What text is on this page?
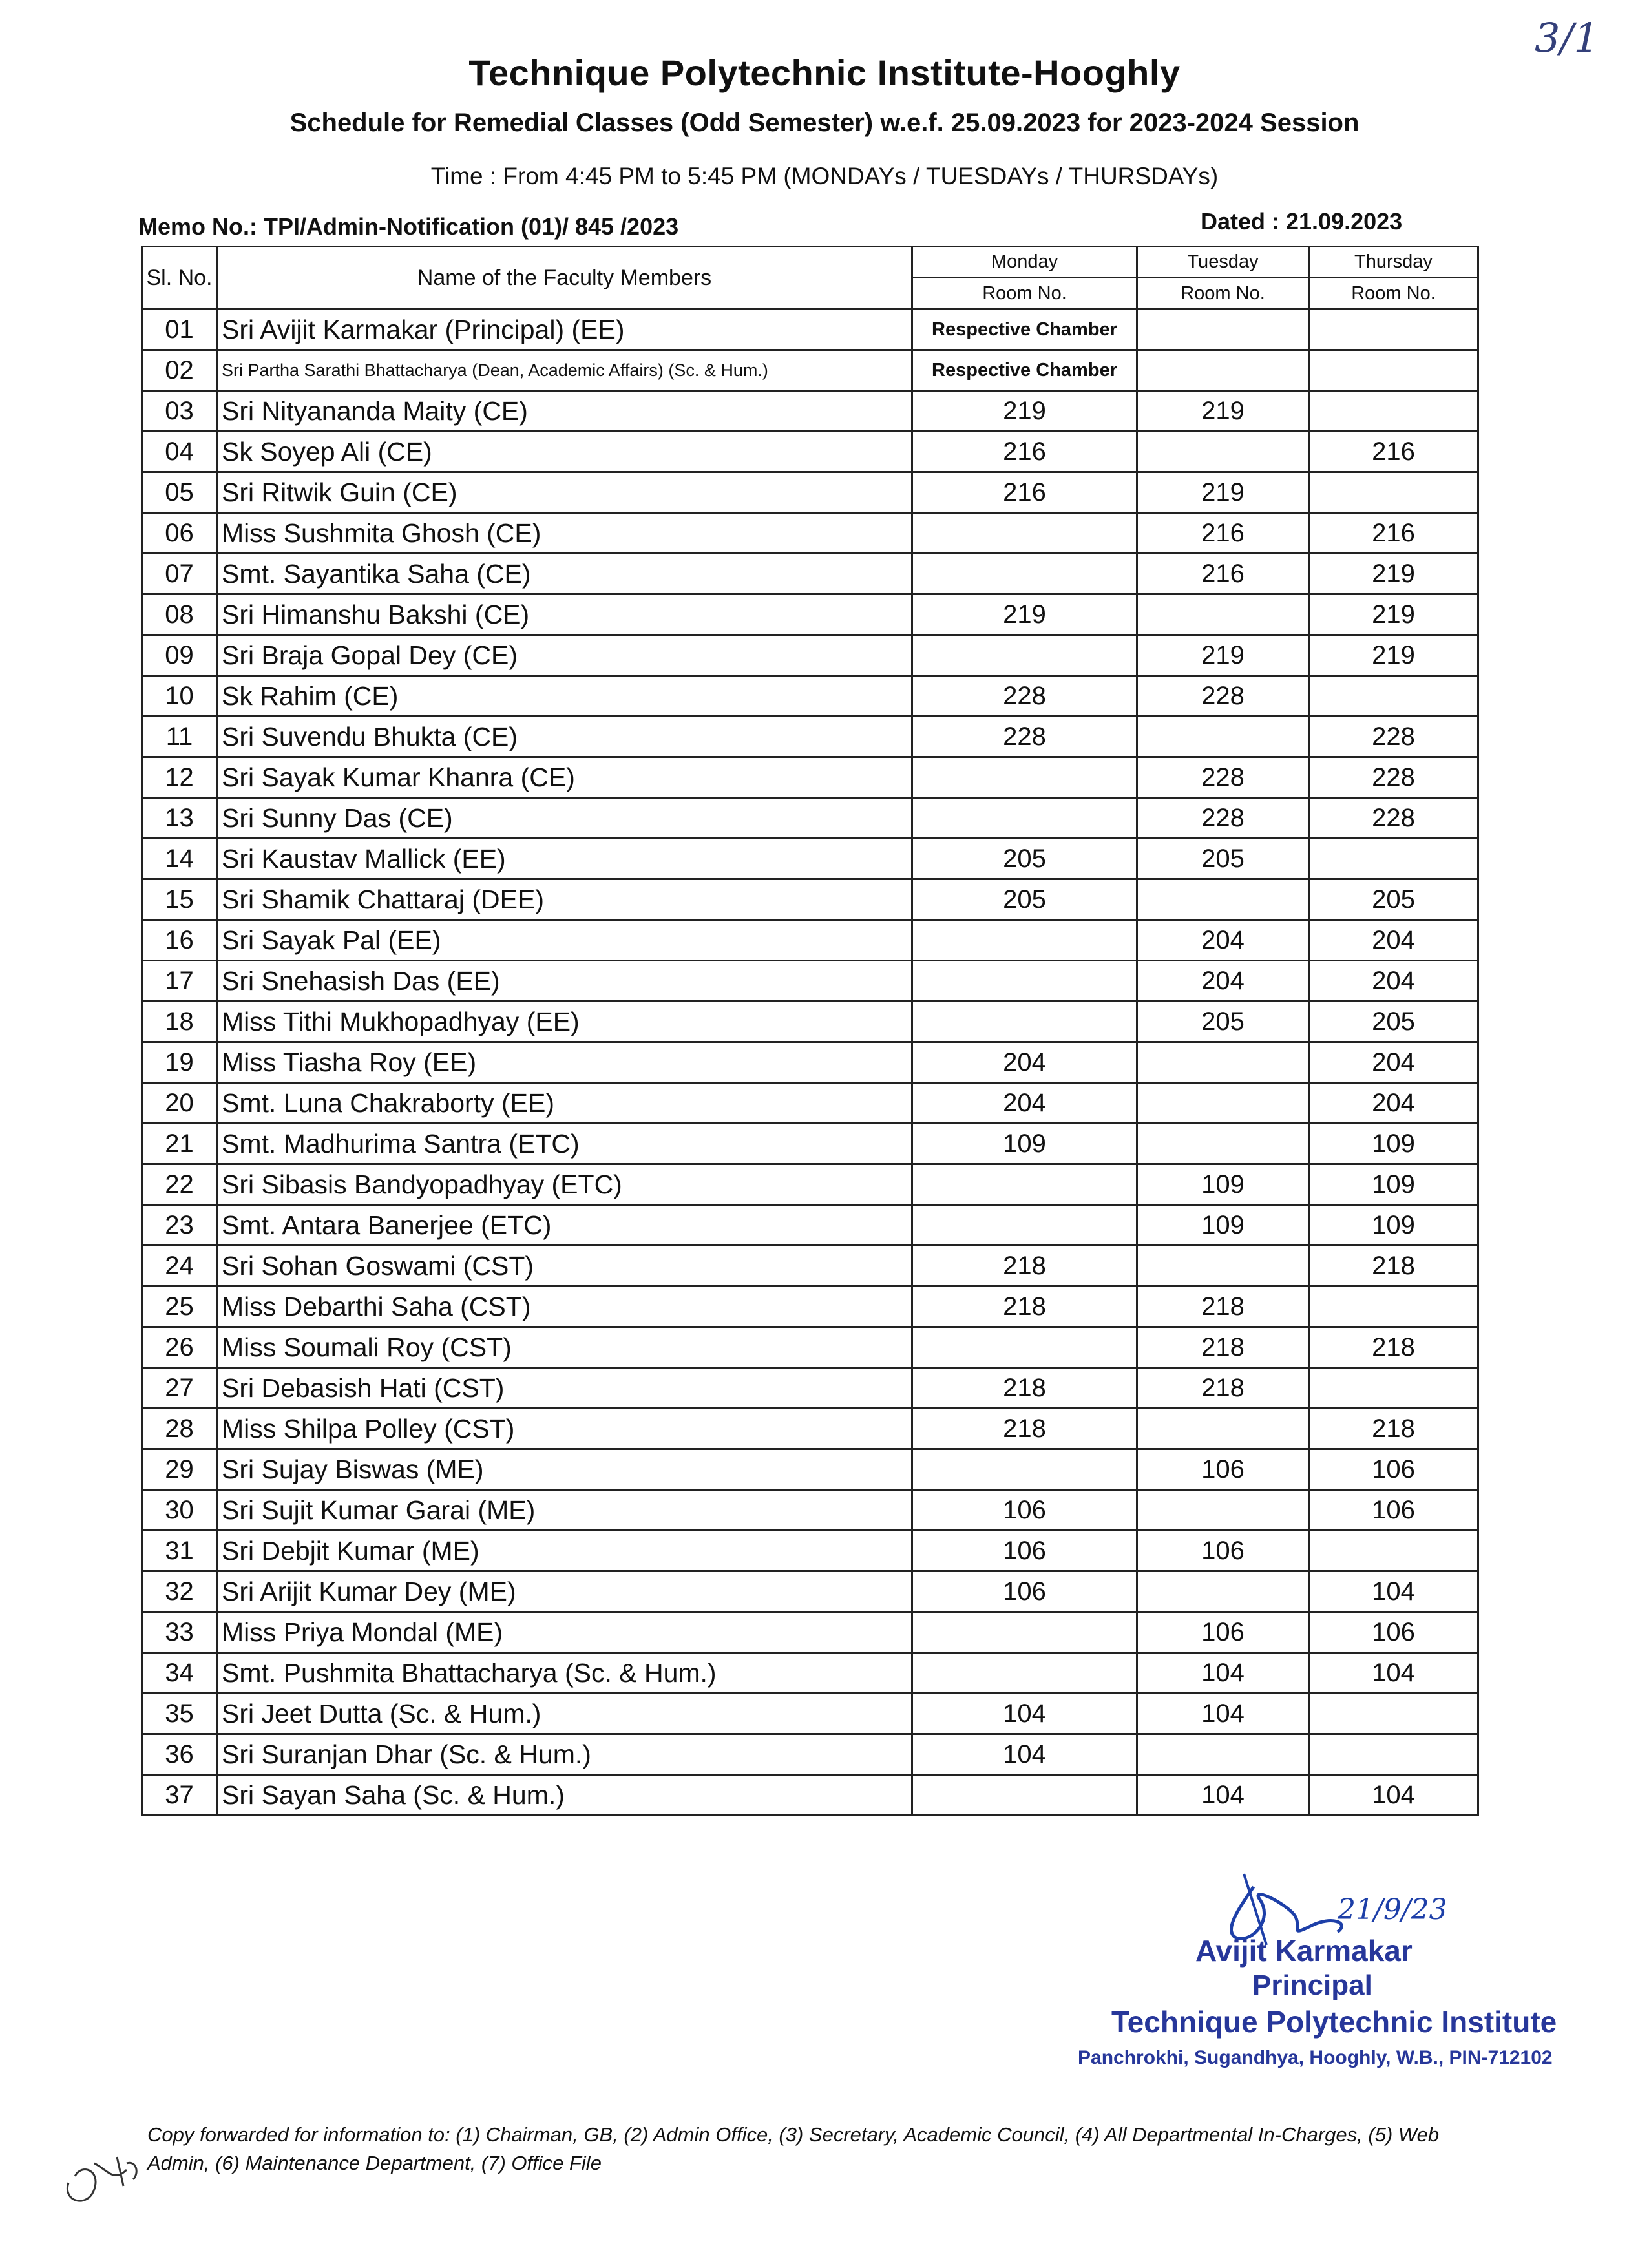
3/1
Technique Polytechnic Institute-Hooghly
Schedule for Remedial Classes (Odd Semester) w.e.f. 25.09.2023 for 2023-2024 Session
Time : From 4:45 PM to 5:45 PM (MONDAYs / TUESDAYs / THURSDAYs)
Memo No.: TPI/Admin-Notification (01)/ 845 /2023	Dated : 21.09.2023
Sl. No.	Name of the Faculty Members	Monday	Tuesday	Thursday
		Room No.	Room No.	Room No.
01	Sri Avijit Karmakar (Principal) (EE)	Respective Chamber		
02	Sri Partha Sarathi Bhattacharya (Dean, Academic Affairs) (Sc. & Hum.)	Respective Chamber		
03	Sri Nityananda Maity (CE)	219	219	
04	Sk Soyep Ali (CE)	216		216
05	Sri Ritwik Guin (CE)	216	219	
06	Miss Sushmita Ghosh (CE)		216	216
07	Smt. Sayantika Saha (CE)		216	219
08	Sri Himanshu Bakshi (CE)	219		219
09	Sri Braja Gopal Dey (CE)		219	219
10	Sk Rahim (CE)	228	228	
11	Sri Suvendu Bhukta (CE)	228		228
12	Sri Sayak Kumar Khanra (CE)		228	228
13	Sri Sunny Das (CE)		228	228
14	Sri Kaustav Mallick (EE)	205	205	
15	Sri Shamik Chattaraj (DEE)	205		205
16	Sri Sayak Pal (EE)		204	204
17	Sri Snehasish Das (EE)		204	204
18	Miss Tithi Mukhopadhyay (EE)		205	205
19	Miss Tiasha Roy (EE)	204		204
20	Smt. Luna Chakraborty (EE)	204		204
21	Smt. Madhurima Santra (ETC)	109		109
22	Sri Sibasis Bandyopadhyay (ETC)		109	109
23	Smt. Antara Banerjee (ETC)		109	109
24	Sri Sohan Goswami (CST)	218		218
25	Miss Debarthi Saha (CST)	218	218	
26	Miss Soumali Roy (CST)		218	218
27	Sri Debasish Hati (CST)	218	218	
28	Miss Shilpa Polley (CST)	218		218
29	Sri Sujay Biswas (ME)		106	106
30	Sri Sujit Kumar Garai (ME)	106		106
31	Sri Debjit Kumar (ME)	106	106	
32	Sri Arijit Kumar Dey (ME)	106		104
33	Miss Priya Mondal (ME)		106	106
34	Smt. Pushmita Bhattacharya (Sc. & Hum.)		104	104
35	Sri Jeet Dutta (Sc. & Hum.)	104	104	
36	Sri Suranjan Dhar (Sc. & Hum.)	104		
37	Sri Sayan Saha (Sc. & Hum.)		104	104
21/9/23
Avijit Karmakar
Principal
Technique Polytechnic Institute
Panchrokhi, Sugandhya, Hooghly, W.B., PIN-712102
Copy forwarded for information to: (1) Chairman, GB, (2) Admin Office, (3) Secretary, Academic Council, (4) All Departmental In-Charges, (5) Web Admin, (6) Maintenance Department, (7) Office File
